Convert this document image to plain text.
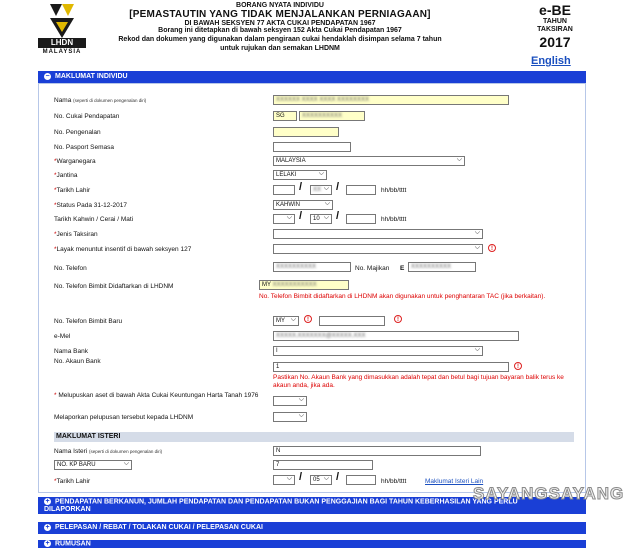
LHDN
MALAYSIA
BORANG NYATA INDIVIDU
[PEMASTAUTIN YANG TIDAK MENJALANKAN PERNIAGAAN]
DI BAWAH SEKSYEN 77 AKTA CUKAI PENDAPATAN 1967
Borang ini ditetapkan di bawah seksyen 152 Akta Cukai Pendapatan 1967
Rekod dan dokumen yang digunakan dalam pengiraan cukai hendaklah disimpan selama 7 tahun untuk rujukan dan semakan LHDNM
e-BE
TAHUN
TAKSIRAN
2017
English
− MAKLUMAT INDIVIDU
Nama (seperti di dokumen pengenalan diri)	XXXXXX XXXX XXXX XXXXXXXX
No. Cukai Pendapatan	SG	XXXXXXXXXX
No. Pengenalan
No. Pasport Semasa
*Warganegara	MALAYSIA ⌵
*Jantina	LELAKI ⌵
*Tarikh Lahir	/	XX ⌵	/	hh/bb/tttt
*Status Pada 31-12-2017	KAHWIN ⌵
Tarikh Kahwin / Cerai / Mati ⌵	/	10 ⌵	/	hh/bb/tttt
*Jenis Taksiran
⌵
*Layak menuntut insentif di bawah seksyen 127 ⌵	!
No. Telefon	XXXXXXXXXX	No. Majikan E	XXXXXXXXXX
No. Telefon Bimbit Didaftarkan di LHDNM	MY XXXXXXXXXXX
No. Telefon Bimbit didaftarkan di LHDNM akan digunakan untuk penghantaran TAC (jika berkaitan).
No. Telefon Bimbit Baru	MY ⌵	!	!
e-Mel	XXXXX.XXXXXXX@XXXXX.XXX
Nama Bank	I ⌵
No. Akaun Bank
1	!
Pastikan No. Akaun Bank yang dimasukkan adalah tepat dan betul bagi tujuan bayaran balik terus ke akaun anda, jika ada.
* Melupuskan aset di bawah Akta Cukai Keuntungan Harta Tanah 1976
⌵
Melaporkan pelupusan tersebut kepada LHDNM
⌵
MAKLUMAT ISTERI
Nama Isteri (seperti di dokumen pengenalan diri)	N
NO. KP BARU ⌵	7
*Tarikh Lahir ⌵	/	05 ⌵	/	hh/bb/tttt	Maklumat Isteri Lain
+ PENDAPATAN BERKANUN, JUMLAH PENDAPATAN DAN PENDAPATAN BUKAN PENGGAJIAN BAGI TAHUN KEBERHASILAN YANG PERLU DILAPORKAN
+ PELEPASAN / REBAT / TOLAKAN CUKAI / PELEPASAN CUKAI
+ RUMUSAN
SAYANGSAYANG
